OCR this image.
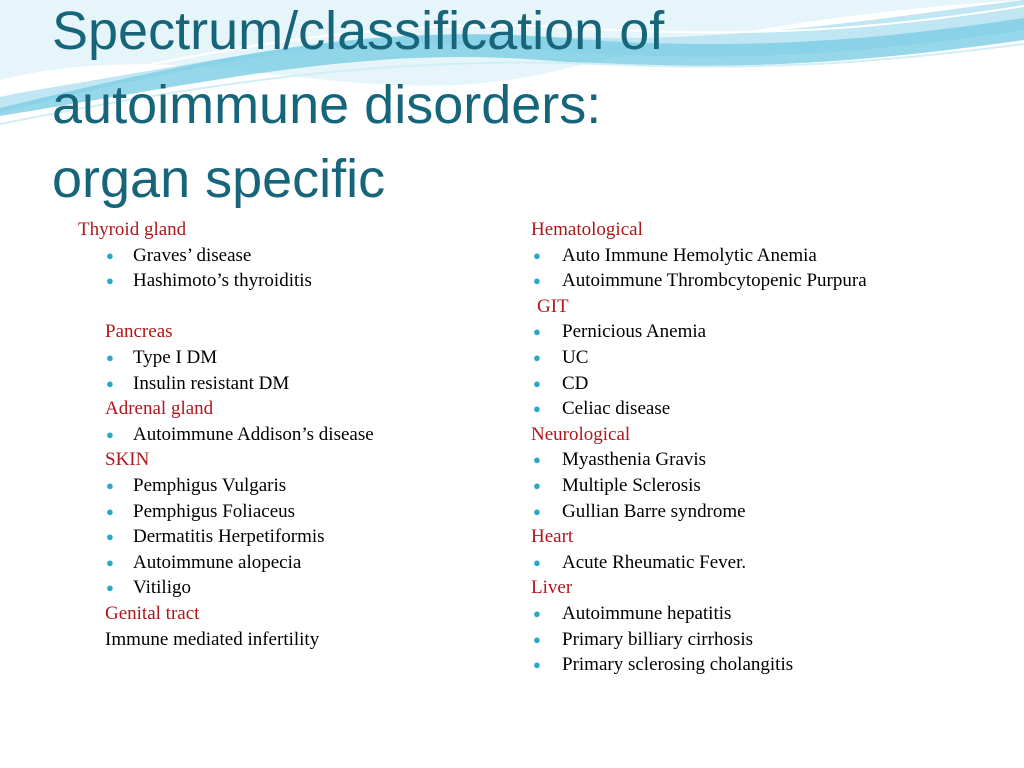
Spectrum/classification of
autoimmune disorders:
organ specific
Thyroid gland
● Graves’ disease
● Hashimoto’s thyroiditis
Pancreas
● Type I DM
● Insulin resistant DM
Adrenal gland
● Autoimmune Addison’s disease
SKIN
● Pemphigus Vulgaris
● Pemphigus Foliaceus
● Dermatitis Herpetiformis
● Autoimmune alopecia
● Vitiligo
Genital tract
Immune mediated infertility
Hematological
● Auto Immune Hemolytic Anemia
● Autoimmune Thrombcytopenic Purpura
GIT
● Pernicious Anemia
● UC
● CD
● Celiac disease
Neurological
● Myasthenia Gravis
● Multiple Sclerosis
● Gullian Barre syndrome
Heart
● Acute Rheumatic Fever.
Liver
● Autoimmune hepatitis
● Primary billiary cirrhosis
● Primary sclerosing cholangitis
